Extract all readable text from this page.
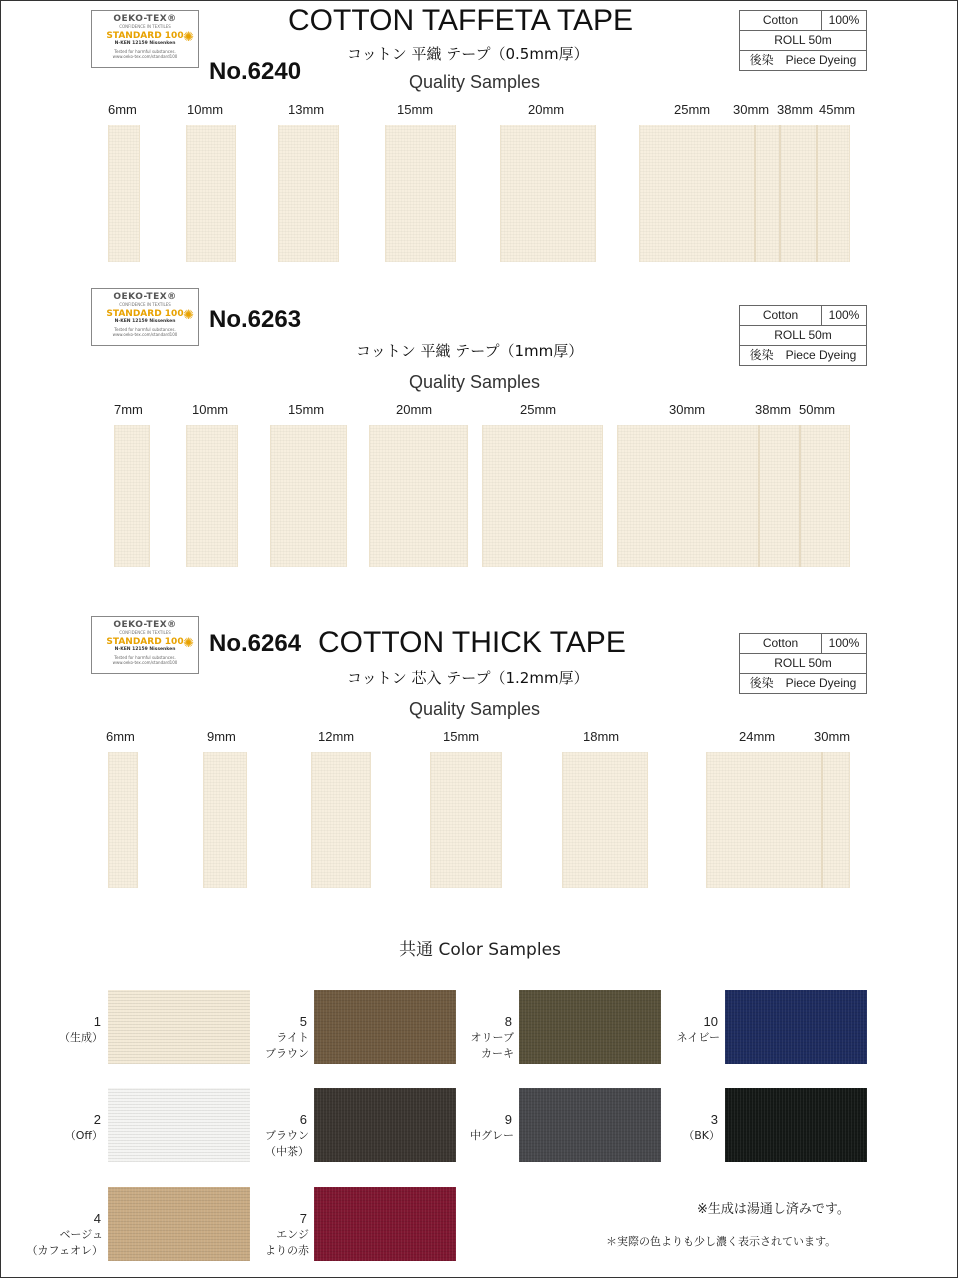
OEKO-TEX®
CONFIDENCE IN TEXTILES
STANDARD 100
N-KEN 12159 Nissenken
Tested for harmful substances.
www.oeko-tex.com/standard100
✺
COTTON TAFFETA TAPE
No.6240
コットン 平織 テープ（0.5mm厚）
Quality Samples
Cotton	100%
ROLL 50m
後染　Piece Dyeing
6mm	10mm	13mm	15mm	20mm	25mm 30mm 38mm 45mm
OEKO-TEX®
CONFIDENCE IN TEXTILES
STANDARD 100
N-KEN 12159 Nissenken
Tested for harmful substances.
www.oeko-tex.com/standard100
✺ No.6263
コットン 平織 テープ（1mm厚）
Quality Samples
Cotton	100%
ROLL 50m
後染　Piece Dyeing
7mm	10mm	15mm	20mm	25mm	30mm	38mm 50mm
OEKO-TEX®
CONFIDENCE IN TEXTILES
STANDARD 100
N-KEN 12159 Nissenken
Tested for harmful substances.
www.oeko-tex.com/standard100
✺ No.6264 COTTON THICK TAPE
コットン 芯入 テープ（1.2mm厚）
Quality Samples
Cotton	100%
ROLL 50m
後染　Piece Dyeing
6mm	9mm	12mm	15mm	18mm	24mm	30mm
共通 Color Samples
1
（生成）
2
（Off）
4
ベージュ
（カフェオレ）
5
ライト
ブラウン
6
ブラウン
（中茶）
7
エンジ
よりの赤
8
オリーブ
カーキ
9
中グレー
10
ネイビー
3
（BK）
※生成は湯通し済みです。
＊実際の色よりも少し濃く表示されています。
